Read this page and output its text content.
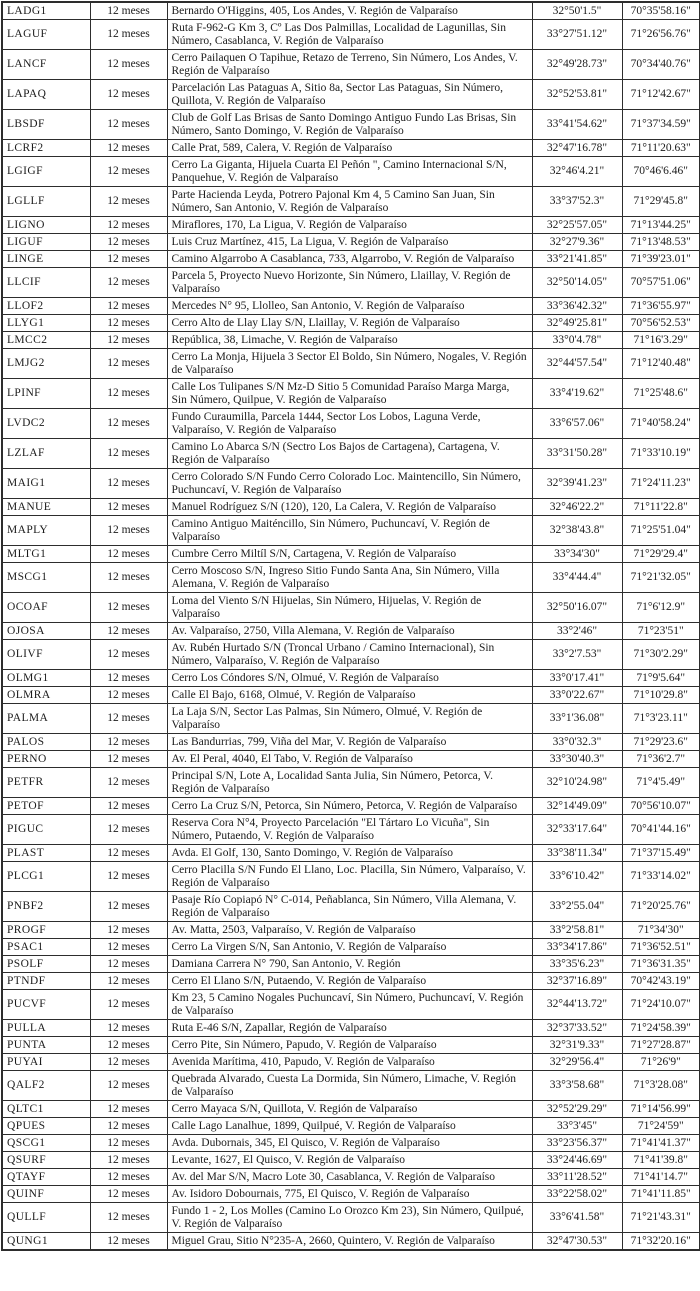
LADG1	12 meses	Bernardo O'Higgins, 405, Los Andes, V. Región de Valparaíso	32°50'1.5"	70°35'58.16"
LAGUF	12 meses	Ruta F-962-G Km 3, Cº Las Dos Palmillas, Localidad de Lagunillas, Sin Número, Casablanca, V. Región de Valparaíso	33°27'51.12"	71°26'56.76"
LANCF	12 meses	Cerro Pailaquen O Tapihue, Retazo de Terreno, Sin Número, Los Andes, V. Región de Valparaíso	32°49'28.73"	70°34'40.76"
LAPAQ	12 meses	Parcelación Las Pataguas A, Sitio 8a, Sector Las Pataguas, Sin Número, Quillota, V. Región de Valparaíso	32°52'53.81"	71°12'42.67"
LBSDF	12 meses	Club de Golf Las Brisas de Santo Domingo Antiguo Fundo Las Brisas, Sin Número, Santo Domingo, V. Región de Valparaíso	33°41'54.62"	71°37'34.59"
LCRF2	12 meses	Calle Prat, 589, Calera, V. Región de Valparaíso	32°47'16.78"	71°11'20.63"
LGIGF	12 meses	Cerro La Giganta, Hijuela Cuarta El Peñón ", Camino Internacional S/N, Panquehue, V. Región de Valparaíso	32°46'4.21"	70°46'6.46"
LGLLF	12 meses	Parte Hacienda Leyda, Potrero Pajonal Km 4, 5 Camino San Juan, Sin Número, San Antonio, V. Región de Valparaíso	33°37'52.3"	71°29'45.8"
LIGNO	12 meses	Miraflores, 170, La Ligua, V. Región de Valparaíso	32°25'57.05"	71°13'44.25"
LIGUF	12 meses	Luis Cruz Martínez, 415, La Ligua, V. Región de Valparaíso	32°27'9.36"	71°13'48.53"
LINGE	12 meses	Camino Algarrobo A Casablanca, 733, Algarrobo, V. Región de Valparaíso	33°21'41.85"	71°39'23.01"
LLCIF	12 meses	Parcela 5, Proyecto Nuevo Horizonte, Sin Número, Llaillay, V. Región de Valparaíso	32°50'14.05"	70°57'51.06"
LLOF2	12 meses	Mercedes N° 95, Llolleo, San Antonio, V. Región de Valparaíso	33°36'42.32"	71°36'55.97"
LLYG1	12 meses	Cerro Alto de Llay Llay S/N, Llaillay, V. Región de Valparaíso	32°49'25.81"	70°56'52.53"
LMCC2	12 meses	República, 38, Limache, V. Región de Valparaíso	33°0'4.78"	71°16'3.29"
LMJG2	12 meses	Cerro La Monja, Hijuela 3 Sector El Boldo, Sin Número, Nogales, V. Región de Valparaíso	32°44'57.54"	71°12'40.48"
LPINF	12 meses	Calle Los Tulipanes S/N Mz-D Sitio 5 Comunidad Paraíso Marga Marga, Sin Número, Quilpue, V. Región de Valparaíso	33°4'19.62"	71°25'48.6"
LVDC2	12 meses	Fundo Curaumilla, Parcela 1444, Sector Los Lobos, Laguna Verde, Valparaíso, V. Región de Valparaíso	33°6'57.06"	71°40'58.24"
LZLAF	12 meses	Camino Lo Abarca S/N (Sectro Los Bajos de Cartagena), Cartagena, V. Región de Valparaíso	33°31'50.28"	71°33'10.19"
MAIG1	12 meses	Cerro Colorado S/N Fundo Cerro Colorado Loc. Maintencillo, Sin Número, Puchuncaví, V. Región de Valparaíso	32°39'41.23"	71°24'11.23"
MANUE	12 meses	Manuel Rodríguez S/N (120), 120, La Calera, V. Región de Valparaíso	32°46'22.2"	71°11'22.8"
MAPLY	12 meses	Camino Antiguo Maiténcillo, Sin Número, Puchuncaví, V. Región de Valparaíso	32°38'43.8"	71°25'51.04"
MLTG1	12 meses	Cumbre Cerro Miltíl S/N, Cartagena, V. Región de Valparaíso	33°34'30"	71°29'29.4"
MSCG1	12 meses	Cerro Moscoso S/N, Ingreso Sitio Fundo Santa Ana, Sin Número, Villa Alemana, V. Región de Valparaíso	33°4'44.4"	71°21'32.05"
OCOAF	12 meses	Loma del Viento S/N Hijuelas, Sin Número, Hijuelas, V. Región de Valparaíso	32°50'16.07"	71°6'12.9"
OJOSA	12 meses	Av. Valparaíso, 2750, Villa Alemana, V. Región de Valparaíso	33°2'46"	71°23'51"
OLIVF	12 meses	Av. Rubén Hurtado S/N (Troncal Urbano / Camino Internacional), Sin Número, Valparaíso, V. Región de Valparaíso	33°2'7.53"	71°30'2.29"
OLMG1	12 meses	Cerro Los Cóndores S/N, Olmué, V. Región de Valparaíso	33°0'17.41"	71°9'5.64"
OLMRA	12 meses	Calle El Bajo, 6168, Olmué, V. Región de Valparaíso	33°0'22.67"	71°10'29.8"
PALMA	12 meses	La Laja S/N, Sector Las Palmas, Sin Número, Olmué, V. Región de Valparaíso	33°1'36.08"	71°3'23.11"
PALOS	12 meses	Las Bandurrias, 799, Viña del Mar, V. Región de Valparaíso	33°0'32.3"	71°29'23.6"
PERNO	12 meses	Av. El Peral, 4040, El Tabo, V. Región de Valparaíso	33°30'40.3"	71°36'2.7"
PETFR	12 meses	Principal S/N, Lote A, Localidad Santa Julia, Sin Número, Petorca, V. Región de Valparaíso	32°10'24.98"	71°4'5.49"
PETOF	12 meses	Cerro La Cruz S/N, Petorca, Sin Número, Petorca, V. Región de Valparaíso	32°14'49.09"	70°56'10.07"
PIGUC	12 meses	Reserva Cora N°4, Proyecto Parcelación "El Tártaro Lo Vicuña", Sin Número, Putaendo, V. Región de Valparaíso	32°33'17.64"	70°41'44.16"
PLAST	12 meses	Avda. El Golf, 130, Santo Domingo, V. Región de Valparaíso	33°38'11.34"	71°37'15.49"
PLCG1	12 meses	Cerro Placilla S/N Fundo El Llano, Loc. Placilla, Sin Número, Valparaíso, V. Región de Valparaíso	33°6'10.42"	71°33'14.02"
PNBF2	12 meses	Pasaje Río Copiapó N° C-014, Peñablanca, Sin Número, Villa Alemana, V. Región de Valparaíso	33°2'55.04"	71°20'25.76"
PROGF	12 meses	Av. Matta, 2503, Valparaíso, V. Región de Valparaíso	33°2'58.81"	71°34'30"
PSAC1	12 meses	Cerro La Virgen S/N, San Antonio, V. Región de Valparaíso	33°34'17.86"	71°36'52.51"
PSOLF	12 meses	Damiana Carrera N° 790, San Antonio, V. Región	33°35'6.23"	71°36'31.35"
PTNDF	12 meses	Cerro El Llano S/N, Putaendo, V. Región de Valparaíso	32°37'16.89"	70°42'43.19"
PUCVF	12 meses	Km 23, 5 Camino Nogales Puchuncaví, Sin Número, Puchuncaví, V. Región de Valparaíso	32°44'13.72"	71°24'10.07"
PULLA	12 meses	Ruta E-46 S/N, Zapallar, Región de Valparaíso	32°37'33.52"	71°24'58.39"
PUNTA	12 meses	Cerro Pite, Sin Número, Papudo, V. Región de Valparaíso	32°31'9.33"	71°27'28.87"
PUYAI	12 meses	Avenida Marítima, 410, Papudo, V. Región de Valparaíso	32°29'56.4"	71°26'9"
QALF2	12 meses	Quebrada Alvarado, Cuesta La Dormida, Sin Número, Limache, V. Región de Valparaíso	33°3'58.68"	71°3'28.08"
QLTC1	12 meses	Cerro Mayaca S/N, Quillota, V. Región de Valparaíso	32°52'29.29"	71°14'56.99"
QPUES	12 meses	Calle Lago Lanalhue, 1899, Quilpué, V. Región de Valparaíso	33°3'45"	71°24'59"
QSCG1	12 meses	Avda. Dubornais, 345, El Quisco, V. Región de Valparaíso	33°23'56.37"	71°41'41.37"
QSURF	12 meses	Levante, 1627, El Quisco, V. Región de Valparaíso	33°24'46.69"	71°41'39.8"
QTAYF	12 meses	Av. del Mar S/N, Macro Lote 30, Casablanca, V. Región de Valparaíso	33°11'28.52"	71°41'14.7"
QUINF	12 meses	Av. Isidoro Dobournais, 775, El Quisco, V. Región de Valparaíso	33°22'58.02"	71°41'11.85"
QULLF	12 meses	Fundo 1 - 2, Los Molles (Camino Lo Orozco Km 23), Sin Número, Quilpué, V. Región de Valparaíso	33°6'41.58"	71°21'43.31"
QUNG1	12 meses	Miguel Grau, Sitio N°235-A, 2660, Quintero, V. Región de Valparaíso	32°47'30.53"	71°32'20.16"
